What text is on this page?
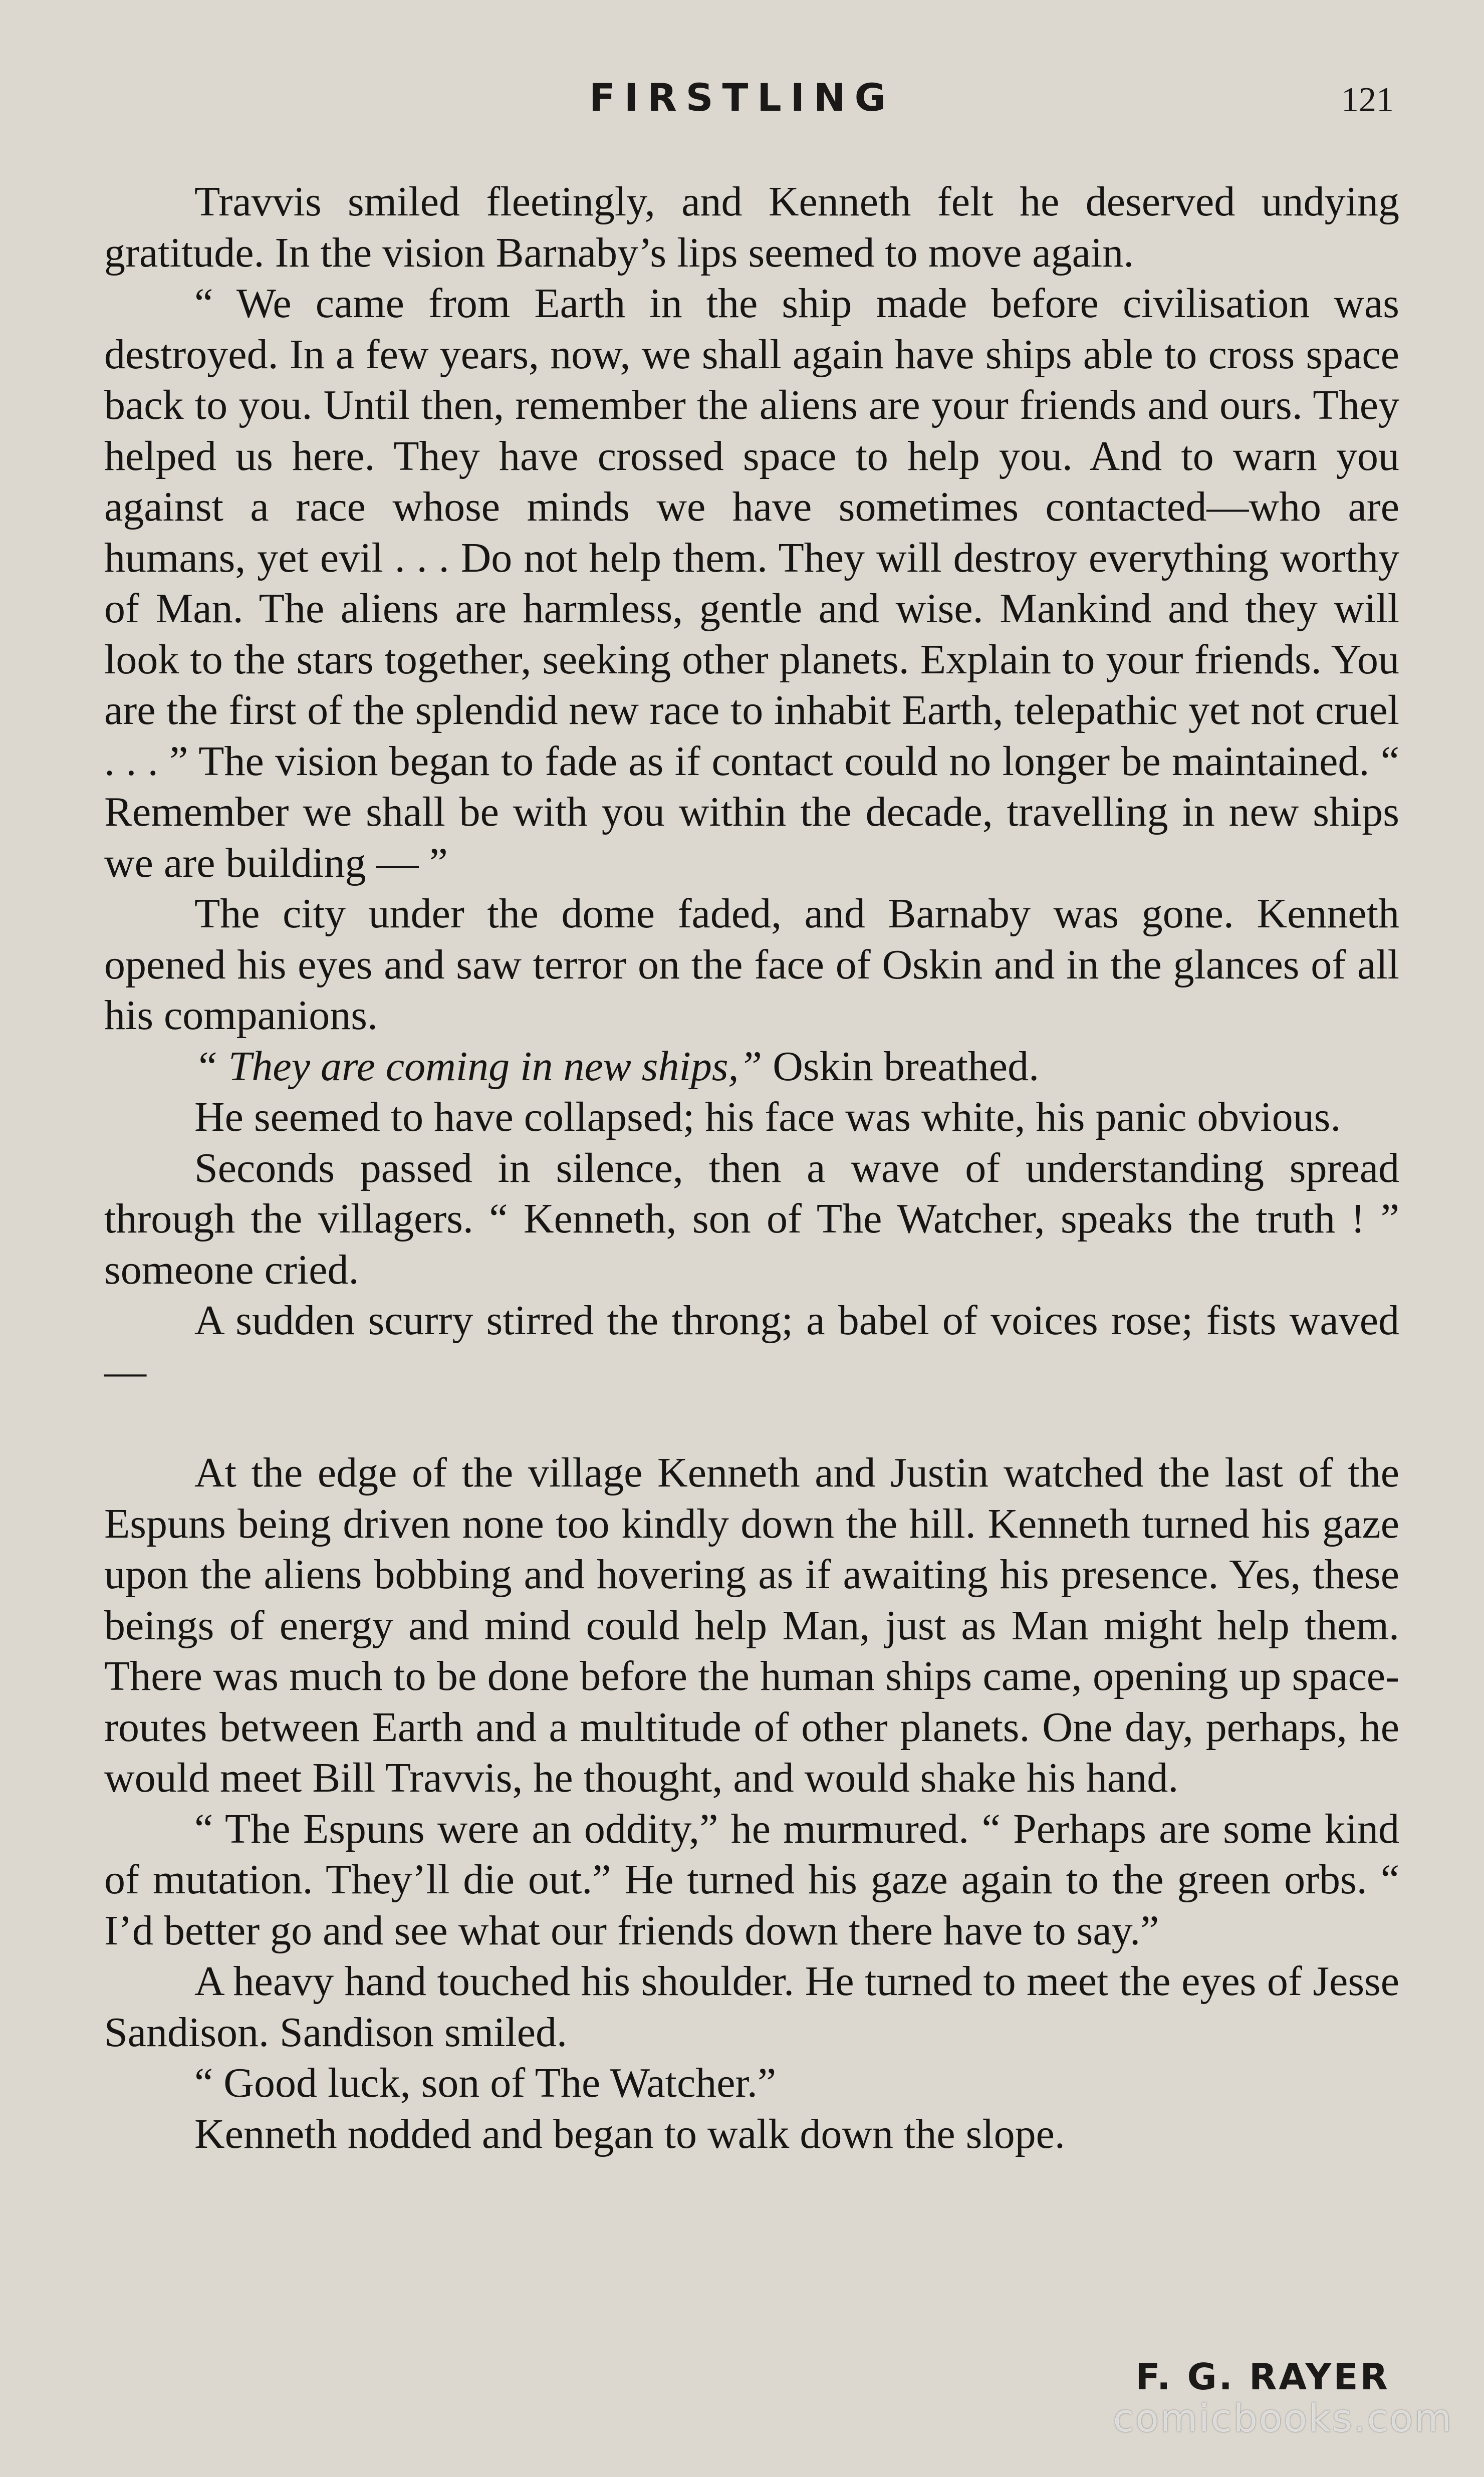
FIRSTLING	121

Travvis smiled fleetingly, and Kenneth felt he deserved undying gratitude. In the vision Barnaby’s lips seemed to move again.

“ We came from Earth in the ship made before civilisation was destroyed. In a few years, now, we shall again have ships able to cross space back to you. Until then, remember the aliens are your friends and ours. They helped us here. They have crossed space to help you. And to warn you against a race whose minds we have sometimes contacted—who are humans, yet evil . . . Do not help them. They will destroy everything worthy of Man. The aliens are harmless, gentle and wise. Mankind and they will look to the stars together, seeking other planets. Explain to your friends. You are the first of the splendid new race to inhabit Earth, telepathic yet not cruel . . . ” The vision began to fade as if contact could no longer be maintained. “ Remember we shall be with you within the decade, travelling in new ships we are building — ”

The city under the dome faded, and Barnaby was gone. Kenneth opened his eyes and saw terror on the face of Oskin and in the glances of all his companions.

“ They are coming in new ships,” Oskin breathed.

He seemed to have collapsed; his face was white, his panic obvious.

Seconds passed in silence, then a wave of understanding spread through the villagers. “ Kenneth, son of The Watcher, speaks the truth ! ” someone cried.

A sudden scurry stirred the throng; a babel of voices rose; fists waved—

At the edge of the village Kenneth and Justin watched the last of the Espuns being driven none too kindly down the hill. Kenneth turned his gaze upon the aliens bobbing and hovering as if awaiting his presence. Yes, these beings of energy and mind could help Man, just as Man might help them. There was much to be done before the human ships came, opening up space-routes between Earth and a multitude of other planets. One day, perhaps, he would meet Bill Travvis, he thought, and would shake his hand.

“ The Espuns were an oddity,” he murmured. “ Perhaps are some kind of mutation. They’ll die out.” He turned his gaze again to the green orbs. “ I’d better go and see what our friends down there have to say.”

A heavy hand touched his shoulder. He turned to meet the eyes of Jesse Sandison. Sandison smiled.

“ Good luck, son of The Watcher.”

Kenneth nodded and began to walk down the slope.

F. G. RAYER
comicbooks.com
